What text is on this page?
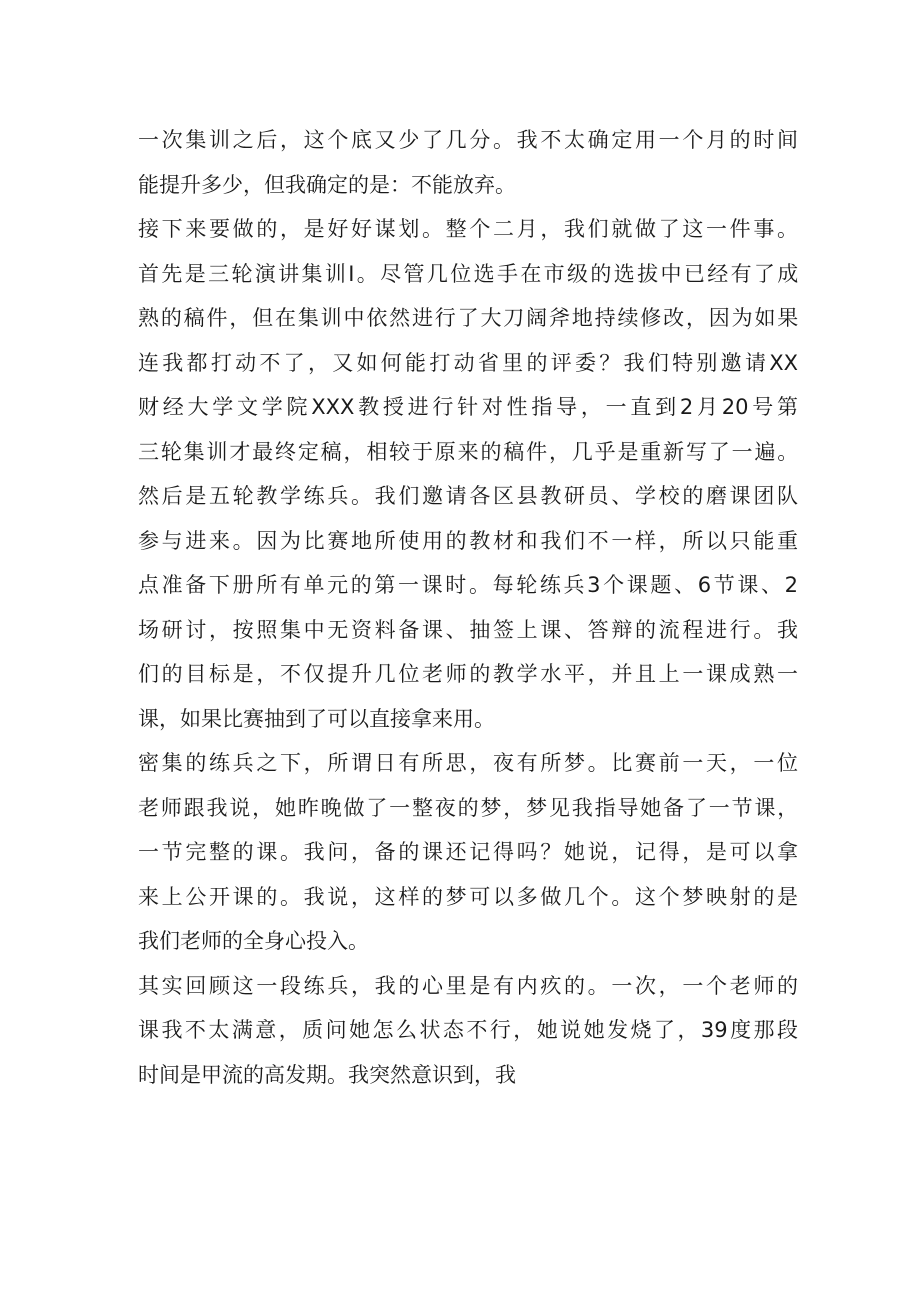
一次集训之后，这个底又少了几分。我不太确定用一个月的时间
能提升多少，但我确定的是：不能放弃。
接下来要做的，是好好谋划。整个二月，我们就做了这一件事。
首先是三轮演讲集训I。尽管几位选手在市级的选拔中已经有了成
熟的稿件，但在集训中依然进行了大刀阔斧地持续修改，因为如果
连我都打动不了，又如何能打动省里的评委？我们特别邀请XX
财经大学文学院XXX教授进行针对性指导，一直到2月20号第
三轮集训才最终定稿，相较于原来的稿件，几乎是重新写了一遍。
然后是五轮教学练兵。我们邀请各区县教研员、学校的磨课团队
参与进来。因为比赛地所使用的教材和我们不一样，所以只能重
点准备下册所有单元的第一课时。每轮练兵3个课题、6节课、2
场研讨，按照集中无资料备课、抽签上课、答辩的流程进行。我
们的目标是，不仅提升几位老师的教学水平，并且上一课成熟一
课，如果比赛抽到了可以直接拿来用。
密集的练兵之下，所谓日有所思，夜有所梦。比赛前一天，一位
老师跟我说，她昨晚做了一整夜的梦，梦见我指导她备了一节课，
一节完整的课。我问，备的课还记得吗？她说，记得，是可以拿
来上公开课的。我说，这样的梦可以多做几个。这个梦映射的是
我们老师的全身心投入。
其实回顾这一段练兵，我的心里是有内疚的。一次，一个老师的
课我不太满意，质问她怎么状态不行，她说她发烧了，39度那段
时间是甲流的高发期。我突然意识到，我
